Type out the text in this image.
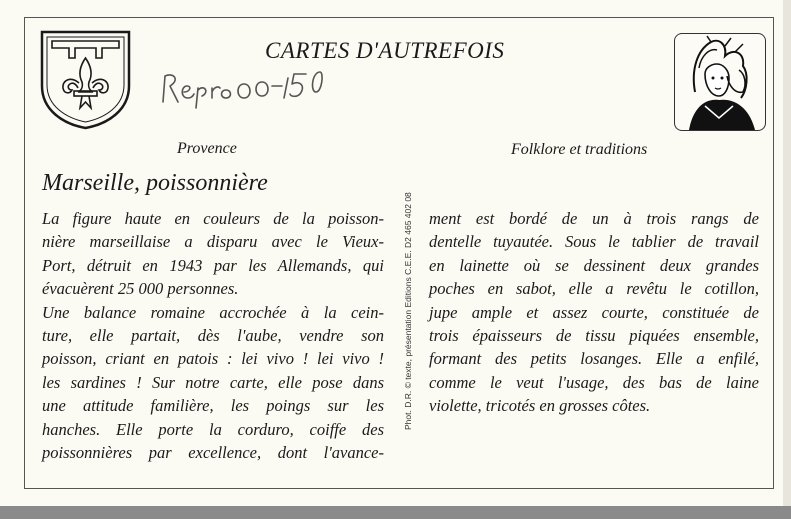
CARTES D'AUTREFOIS
Provence	Folklore et traditions
Marseille, poissonnière
La figure haute en couleurs de la poisson-
nière marseillaise a disparu avec le Vieux-
Port, détruit en 1943 par les Allemands, qui
évacuèrent 25 000 personnes.
Une balance romaine accrochée à la cein-
ture, elle partait, dès l'aube, vendre son
poisson, criant en patois : lei vivo ! lei vivo !
les sardines ! Sur notre carte, elle pose dans
une attitude familière, les poings sur les
hanches. Elle porte la corduro, coiffe des
poissonnières par excellence, dont l'avance-
ment est bordé de un à trois rangs de
dentelle tuyautée. Sous le tablier de travail
en lainette où se dessinent deux grandes
poches en sabot, elle a revêtu le cotillon,
jupe ample et assez courte, constituée de
trois épaisseurs de tissu piquées ensemble,
formant des petits losanges. Elle a enfilé,
comme le veut l'usage, des bas de laine
violette, tricotés en grosses côtes.
Phot. D.R. © texte, présentation Editions C.E.E. D2 465 402 08
